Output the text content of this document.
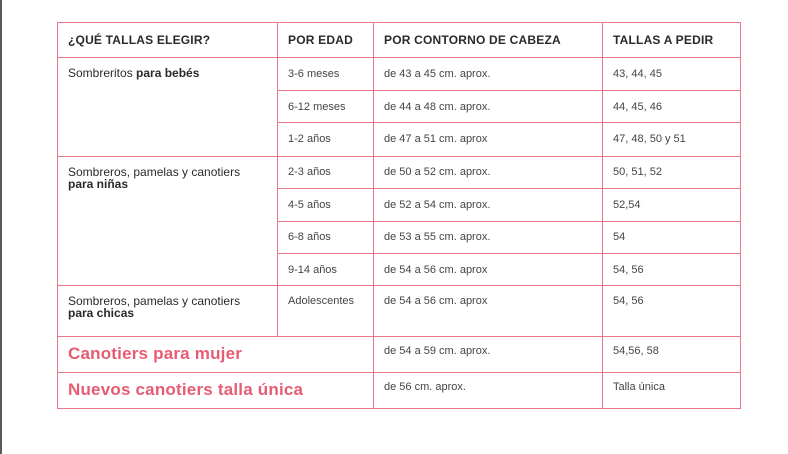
¿QUÉ TALLAS ELEGIR?	POR EDAD	POR CONTORNO DE CABEZA	TALLAS A PEDIR
Sombreritos para bebés	3-6 meses	de 43 a 45 cm. aprox.	43, 44, 45
	6-12 meses	de 44 a 48 cm. aprox.	44, 45, 46
	1-2 años	de 47 a 51 cm. aprox	47, 48, 50 y 51
Sombreros, pamelas y canotiers
para niñas	2-3 años	de 50 a 52 cm. aprox.	50, 51, 52
	4-5 años	de 52 a 54 cm. aprox.	52,54
	6-8 años	de 53 a 55 cm. aprox.	54
	9-14 años	de 54 a 56 cm. aprox	54, 56
Sombreros, pamelas y canotiers
para chicas	Adolescentes	de 54 a 56 cm. aprox	54, 56
Canotiers para mujer		de 54 a 59 cm. aprox.	54,56, 58
Nuevos canotiers talla única		de 56 cm. aprox.	Talla única
